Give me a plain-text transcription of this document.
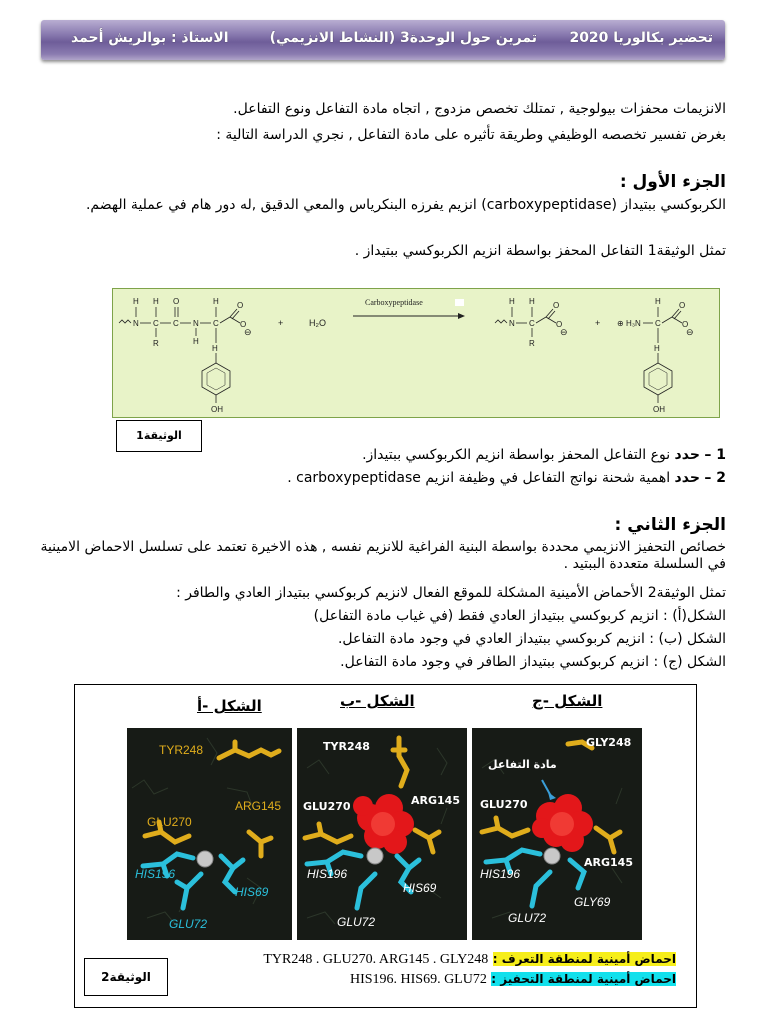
تحضير بكالوريا 2020
تمرين حول الوحدة3 (النشاط الانزيمي)
الاستاذ : بوالريش أحمد
الانزيمات محفزات بيولوجية , تمتلك تخصص مزدوج , اتجاه مادة التفاعل ونوع التفاعل.
بغرض تفسير تخصصه الوظيفي وطريقة تأثيره على مادة التفاعل , نجري الدراسة التالية :
الجزء الأول :
الكربوكسي ببتيداز (carboxypeptidase) انزيم يفرزه البنكرياس والمعي الدقيق ,له دور هام في عملية الهضم.
تمثل الوثيقة1 التفاعل المحفز بواسطة انزيم الكربوكسي ببتيداز .
N
H
C
H
R
C
O
N
H
C
H
H
O
O
⊖
OH
+	H₂O
Carboxypeptidase
N
H
C
H
R
O
O
⊖
+ ⊕ H₃N C
H
H
O
O
⊖
OH
الوثيقة1
1 – حدد نوع التفاعل المحفز بواسطة انزيم الكربوكسي ببتيداز.
2 – حدد اهمية شحنة نواتج التفاعل في وظيفة انزيم carboxypeptidase .
الجزء الثاني :
خصائص التحفيز الانزيمي محددة بواسطة البنية الفراغية للانزيم نفسه , هذه الاخيرة تعتمد على تسلسل الاحماض الامينية في السلسلة متعددة الببتيد .
تمثل الوثيقة2 الأحماض الأمينية المشكلة للموقع الفعال لانزيم كربوكسي ببتيداز العادي والطافر :
الشكل(أ) : انزيم كربوكسي ببتيداز العادي فقط (في غياب مادة التفاعل)
الشكل (ب) : انزيم كربوكسي ببتيداز العادي في وجود مادة التفاعل.
الشكل (ج) : انزيم كربوكسي ببتيداز الطافر في وجود مادة التفاعل.
الشكل -أ	الشكل -ب	الشكل -ج
TYR248
GLU270
ARG145
HIS196
HIS69
GLU72
TYR248
GLU270	ARG145
HIS196
HIS69
GLU72
مادة التفاعل
GLY248
GLU270
ARG145
HIS196
GLY69
GLU72
احماض أمينية لمنطقة التعرف : TYR248 . GLU270. ARG145 . GLY248
احماض أمينية لمنطقة التحفيز : HIS196. HIS69. GLU72
الوثيقة2
